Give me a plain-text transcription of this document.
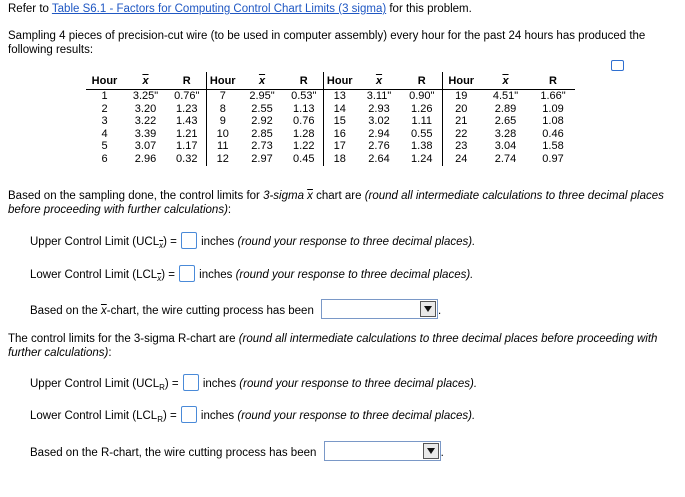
Refer to Table S6.1 - Factors for Computing Control Chart Limits (3 sigma) for this problem.
Sampling 4 pieces of precision-cut wire (to be used in computer assembly) every hour for the past 24 hours has produced the following results:
Hour	$\overline{x}$	R	Hour	$\overline{x}$	R	Hour	$\overline{x}$	R	Hour	$\overline{x}$	R
1	3.25"	0.76"	7	2.95"	0.53"	13	3.11"	0.90"	19	4.51"	1.66"
2	3.20	1.23	8	2.55	1.13	14	2.93	1.26	20	2.89	1.09
3	3.22	1.43	9	2.92	0.76	15	3.02	1.11	21	2.65	1.08
4	3.39	1.21	10	2.85	1.28	16	2.94	0.55	22	3.28	0.46
5	3.07	1.17	11	2.73	1.22	17	2.76	1.38	23	3.04	1.58
6	2.96	0.32	12	2.97	0.45	18	2.64	1.24	24	2.74	0.97
Based on the sampling done, the control limits for 3-sigma $\overline{x}$ chart are (round all intermediate calculations to three decimal places before proceeding with further calculations):
Upper Control Limit $(UCL_{\overline{x}})$ = inches (round your response to three decimal places).
Lower Control Limit $(LCL_{\overline{x}})$ = inches (round your response to three decimal places).
Based on the $\overline{x}$-chart, the wire cutting process has been	.
The control limits for the 3-sigma R-chart are (round all intermediate calculations to three decimal places before proceeding with further calculations):
Upper Control Limit $(UCL_R)$ = inches (round your response to three decimal places).
Lower Control Limit $(LCL_R)$ = inches (round your response to three decimal places).
Based on the R-chart, the wire cutting process has been	.
